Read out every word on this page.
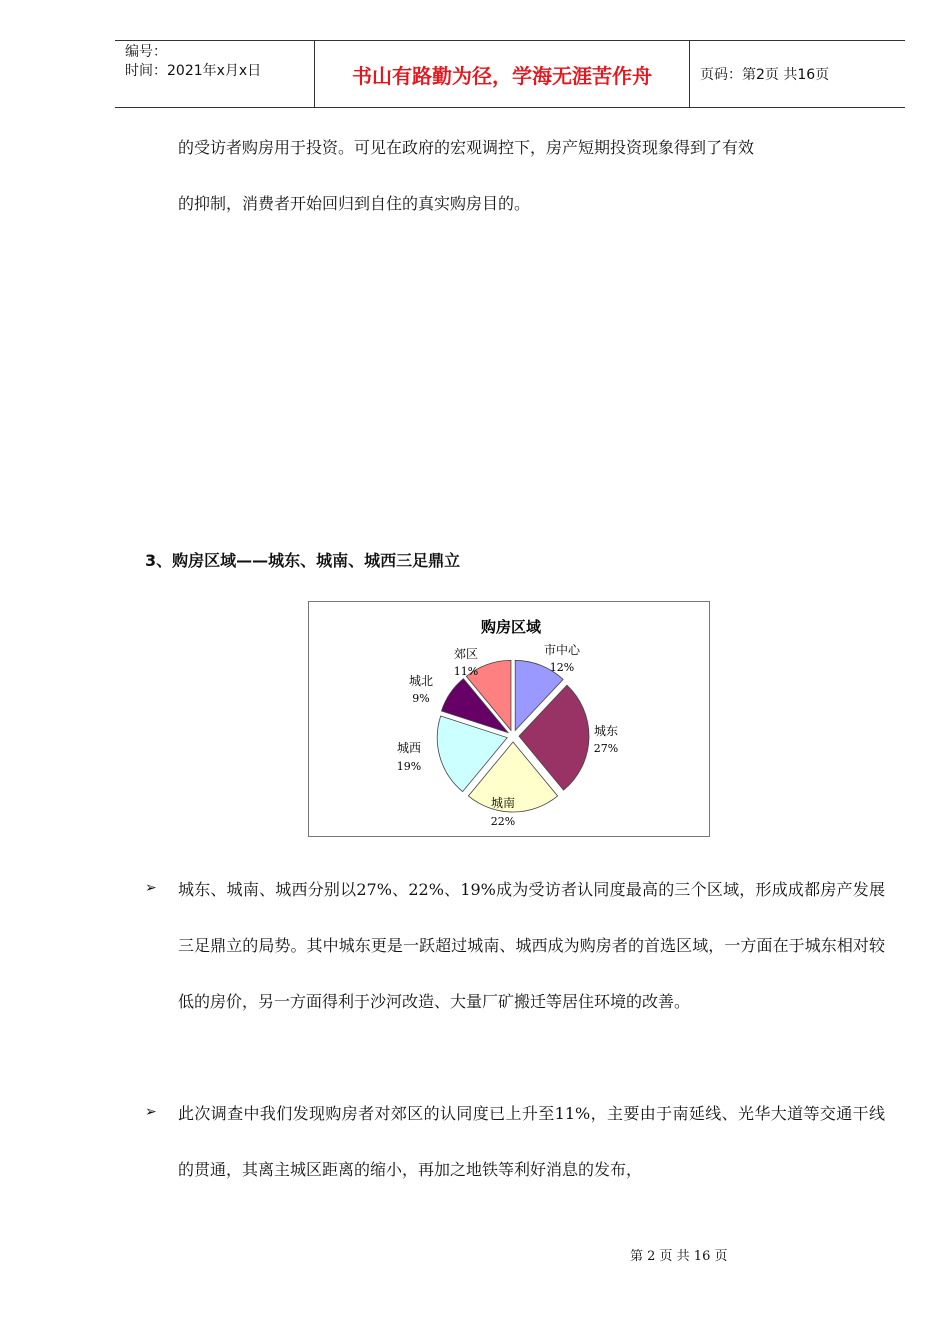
编号：
时间：2021年x月x日	书山有路勤为径，学海无涯苦作舟	页码：第2页 共16页
的受访者购房用于投资。可见在政府的宏观调控下，房产短期投资现象得到了有效
的抑制，消费者开始回归到自住的真实购房目的。
3、购房区域——城东、城南、城西三足鼎立
购房区域
市中心
12%
城东
27%
城南
22%
城西
19%
城北
9%
郊区
11%
➢ 城东、城南、城西分别以27%、22%、19%成为受访者认同度最高的三个区域，形成成都房产发展三足鼎立的局势。其中城东更是一跃超过城南、城西成为购房者的首选区域，一方面在于城东相对较低的房价，另一方面得利于沙河改造、大量厂矿搬迁等居住环境的改善。
➢ 此次调查中我们发现购房者对郊区的认同度已上升至11%，主要由于南延线、光华大道等交通干线的贯通，其离主城区距离的缩小，再加之地铁等利好消息的发布，
第 2 页 共 16 页
